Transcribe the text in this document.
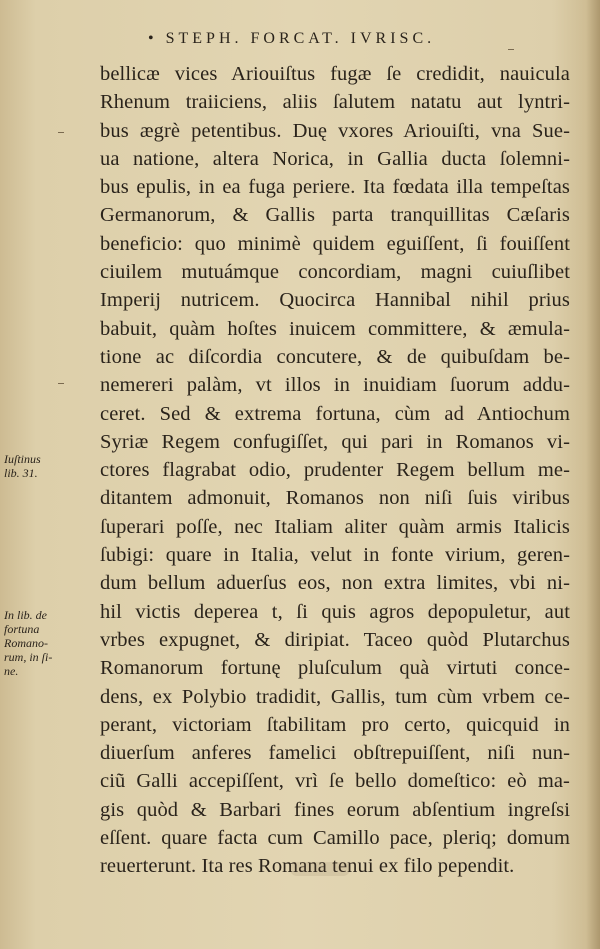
• STEPH. FORCAT. IVRISC.
bellicæ vices Ariouiſtus fugæ ſe credidit, nauicula
Rhenum traiiciens, aliis ſalutem natatu aut lyntri-
bus ægrè petentibus. Duę vxores Ariouiſti, vna Sue-
ua natione, altera Norica, in Gallia ducta ſolemni-
bus epulis, in ea fuga periere. Ita fœdata illa tempeſtas
Germanorum, & Gallis parta tranquillitas Cæſaris
beneficio: quo minimè quidem eguiſſent, ſi fouiſſent
ciuilem mutuámque concordiam, magni cuiuſlibet
Imperij nutricem. Quocirca Hannibal nihil prius
babuit, quàm hoſtes inuicem committere, & æmula-
tione ac diſcordia concutere, & de quibuſdam be-
nemereri palàm, vt illos in inuidiam ſuorum addu-
ceret. Sed & extrema fortuna, cùm ad Antiochum
Syriæ Regem confugiſſet, qui pari in Romanos vi-
ctores flagrabat odio, prudenter Regem bellum me-
ditantem admonuit, Romanos non niſi ſuis viribus
ſuperari poſſe, nec Italiam aliter quàm armis Italicis
ſubigi: quare in Italia, velut in fonte virium, geren-
dum bellum aduerſus eos, non extra limites, vbi ni-
hil victis deperea t, ſi quis agros depopuletur, aut
vrbes expugnet, & diripiat. Taceo quòd Plutarchus
Romanorum fortunę pluſculum quà virtuti conce-
dens, ex Polybio tradidit, Gallis, tum cùm vrbem ce-
perant, victoriam ſtabilitam pro certo, quicquid in
diuerſum anferes famelici obſtrepuiſſent, niſi nun-
ciũ Galli accepiſſent, vrì ſe bello domeſtico: eò ma-
gis quòd & Barbari fines eorum abſentium ingreſsi
eſſent. quare facta cum Camillo pace, pleriq; domum
reuerterunt. Ita res Romana tenui ex filo pependit.
Iuſtinus
lib. 31.
In lib. de
fortuna
Romano-
rum, in ſi-
ne.
